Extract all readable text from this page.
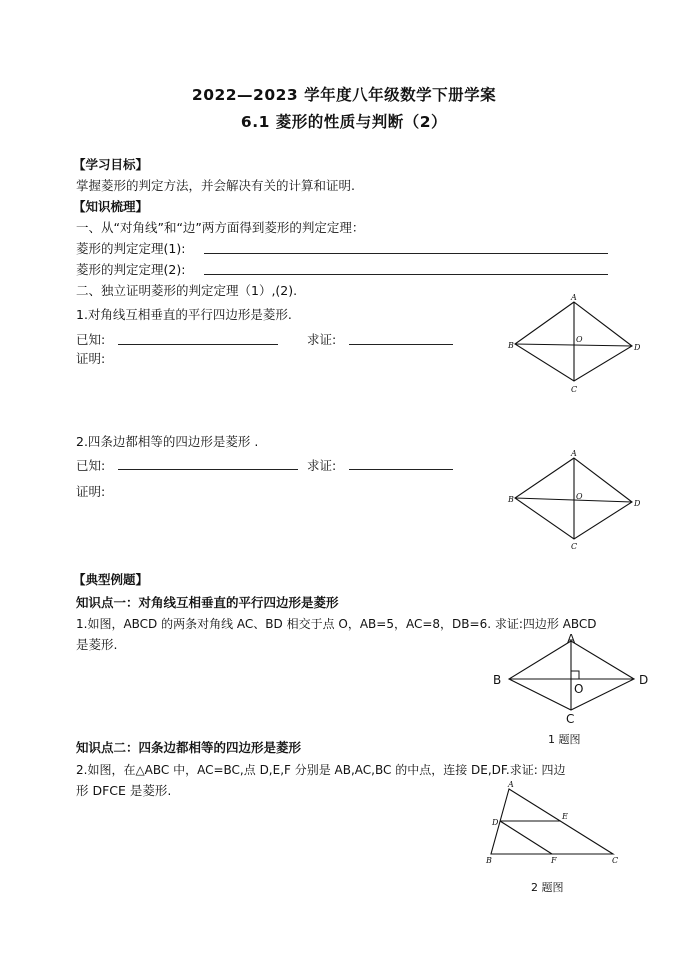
2022—2023 学年度八年级数学下册学案
6.1 菱形的性质与判断（2）
【学习目标】
掌握菱形的判定方法，并会解决有关的计算和证明.
【知识梳理】
一、从“对角线”和“边”两方面得到菱形的判定定理：
菱形的判定定理(1):
菱形的判定定理(2):
二、独立证明菱形的判定定理（1）,(2).
1.对角线互相垂直的平行四边形是菱形.
已知:	求证:
证明:
A
B
C
D
O
2.四条边都相等的四边形是菱形 .
已知:	求证:
证明:
A
B
C
D
O
【典型例题】
知识点一：对角线互相垂直的平行四边形是菱形
1.如图，ABCD 的两条对角线 AC、BD 相交于点 O，AB=5，AC=8，DB=6. 求证:四边形 ABCD
是菱形.	A
B
C
D
O
1 题图
知识点二：四条边都相等的四边形是菱形
2.如图，在△ABC 中，AC=BC,点 D,E,F 分别是 AB,AC,BC 的中点，连接 DE,DF.求证: 四边
形 DFCE 是菱形.	A
B	C
D
E
F
2 题图
